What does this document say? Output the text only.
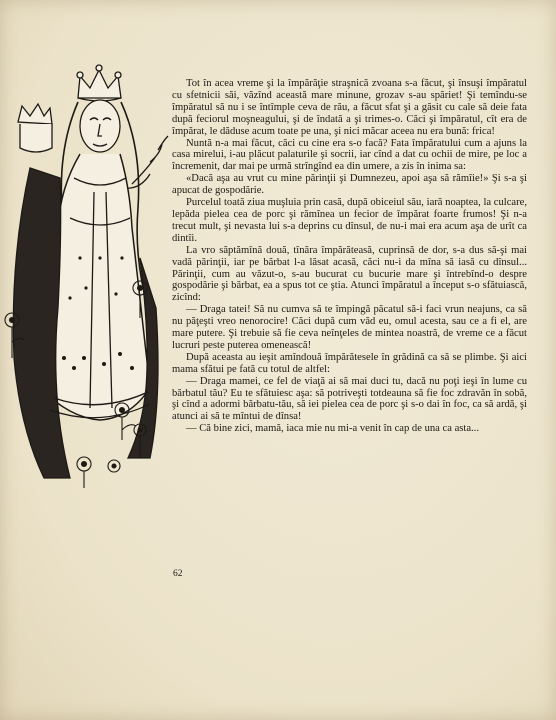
Tot în acea vreme şi la împărăţie straşnică zvoana s-a făcut, şi însuşi împăratul cu sfetnicii săi, văzînd această mare minune, grozav s-au spăriet! Şi temîndu-se împăratul să nu i se întîmple ceva de rău, a făcut sfat şi a găsit cu cale să deie fata după feciorul moşneagului, şi de îndată a şi trimes-o. Căci şi împăratul, cît era de împărat, le dăduse acum toate pe una, şi nici măcar aceea nu era bună: frica!

Nuntă n-a mai făcut, căci cu cine era s-o facă? Fata împăratului cum a ajuns la casa mirelui, i-au plăcut palaturile şi socrii, iar cînd a dat cu ochii de mire, pe loc a încremenit, dar mai pe urmă strîngînd ea din umere, a zis în inima sa:

«Dacă aşa au vrut cu mine părinţii şi Dumnezeu, apoi aşa să rămîie!» Şi s-a şi apucat de gospodărie.

Purcelul toată ziua muşluia prin casă, după obiceiul său, iară noaptea, la culcare, lepăda pielea cea de porc şi rămînea un fecior de împărat foarte frumos! Şi n-a trecut mult, şi nevasta lui s-a deprins cu dînsul, de nu-i mai era acum aşa de urît ca dintîi.

La vro săptămînă două, tînăra împărăteasă, cuprinsă de dor, s-a dus să-şi mai vadă părinţii, iar pe bărbat l-a lăsat acasă, căci nu-i da mîna să iasă cu dînsul... Părinţii, cum au văzut-o, s-au bucurat cu bucurie mare şi întrebînd-o despre gospodărie şi bărbat, ea a spus tot ce ştia. Atunci împăratul a început s-o sfătuiască, zicînd:

— Draga tatei! Să nu cumva să te împingă păcatul să-i faci vrun neajuns, ca să nu păţeşti vreo nenorocire! Căci după cum văd eu, omul acesta, sau ce a fi el, are mare putere. Şi trebuie să fie ceva neînţeles de mintea noastră, de vreme ce a făcut lucruri peste puterea omenească!

După aceasta au ieşit amîndouă împărătesele în grădină ca să se plimbe. Şi aici mama sfătui pe fată cu totul de altfel:

— Draga mamei, ce fel de viaţă ai să mai duci tu, dacă nu poţi ieşi în lume cu bărbatul tău? Eu te sfătuiesc aşa: să potriveşti totdeauna să fie foc zdravăn în sobă, şi cînd a adormi bărbatu-tău, să iei pielea cea de porc şi s-o dai în foc, ca să ardă, şi atunci ai să te mîntui de dînsa!

— Că bine zici, mamă, iaca mie nu mi-a venit în cap de una ca asta...

62
